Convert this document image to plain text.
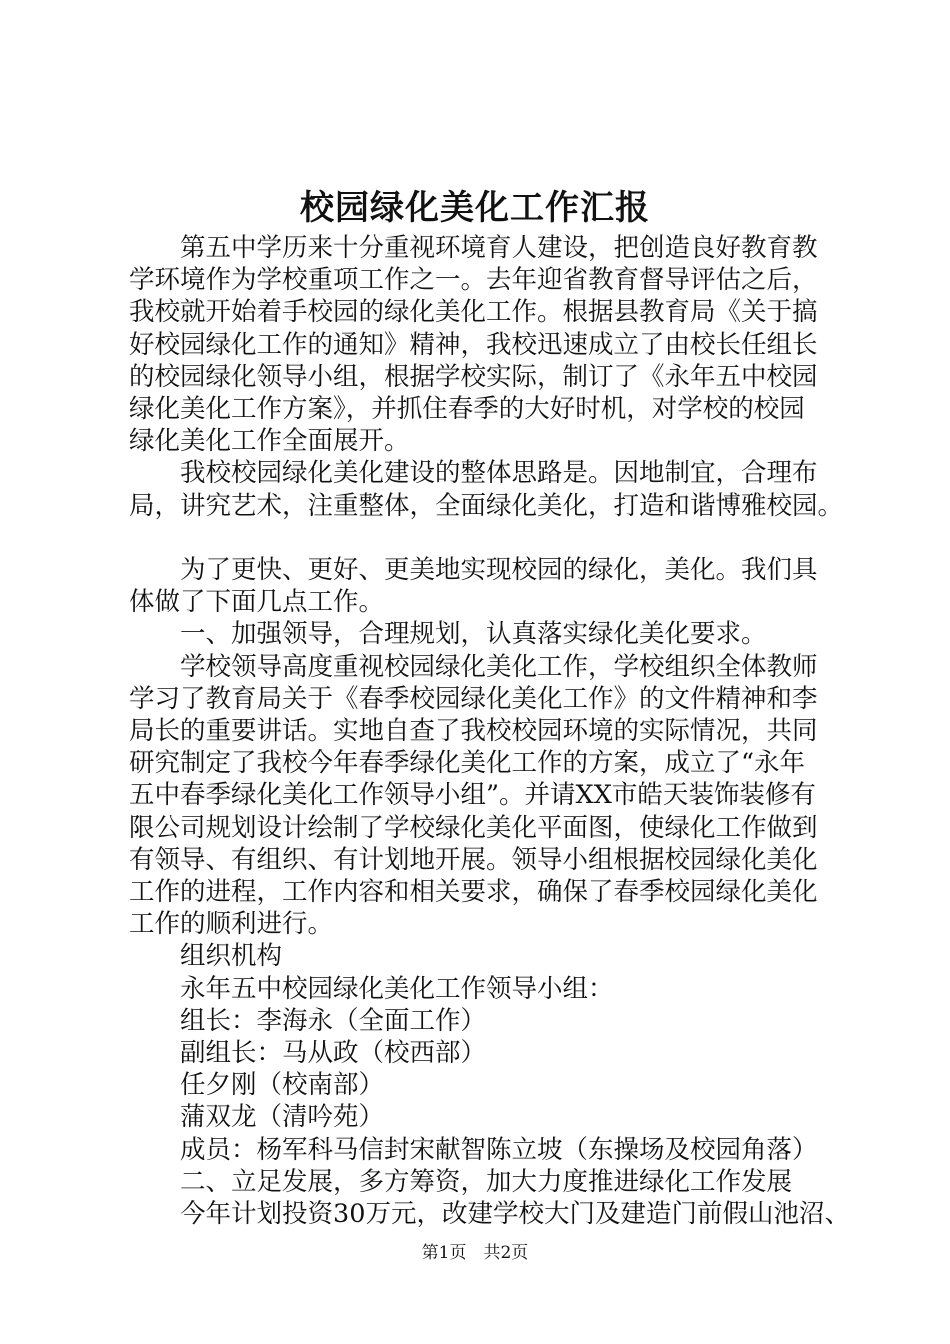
校园绿化美化工作汇报

　　第五中学历来十分重视环境育人建设，把创造良好教育教

学环境作为学校重项工作之一。去年迎省教育督导评估之后，

我校就开始着手校园的绿化美化工作。根据县教育局《关于搞

好校园绿化工作的通知》精神，我校迅速成立了由校长任组长

的校园绿化领导小组，根据学校实际，制订了《永年五中校园

绿化美化工作方案》，并抓住春季的大好时机，对学校的校园

绿化美化工作全面展开。

　　我校校园绿化美化建设的整体思路是。因地制宜，合理布

局，讲究艺术，注重整体，全面绿化美化，打造和谐博雅校园。

　　为了更快、更好、更美地实现校园的绿化，美化。我们具

体做了下面几点工作。

　　一、加强领导，合理规划，认真落实绿化美化要求。

　　学校领导高度重视校园绿化美化工作，学校组织全体教师

学习了教育局关于《春季校园绿化美化工作》的文件精神和李

局长的重要讲话。实地自查了我校校园环境的实际情况，共同

研究制定了我校今年春季绿化美化工作的方案，成立了“永年

五中春季绿化美化工作领导小组”。并请XX市皓天装饰装修有

限公司规划设计绘制了学校绿化美化平面图，使绿化工作做到

有领导、有组织、有计划地开展。领导小组根据校园绿化美化

工作的进程，工作内容和相关要求，确保了春季校园绿化美化

工作的顺利进行。

　　组织机构

　　永年五中校园绿化美化工作领导小组：

　　组长：李海永（全面工作）

　　副组长：马从政（校西部）

　　任夕刚（校南部）

　　蒲双龙（清吟苑）

　　成员：杨军科马信封宋献智陈立坡（东操场及校园角落）

　　二、立足发展，多方筹资，加大力度推进绿化工作发展

　　今年计划投资30万元，改建学校大门及建造门前假山池沼、

第1页　共2页
